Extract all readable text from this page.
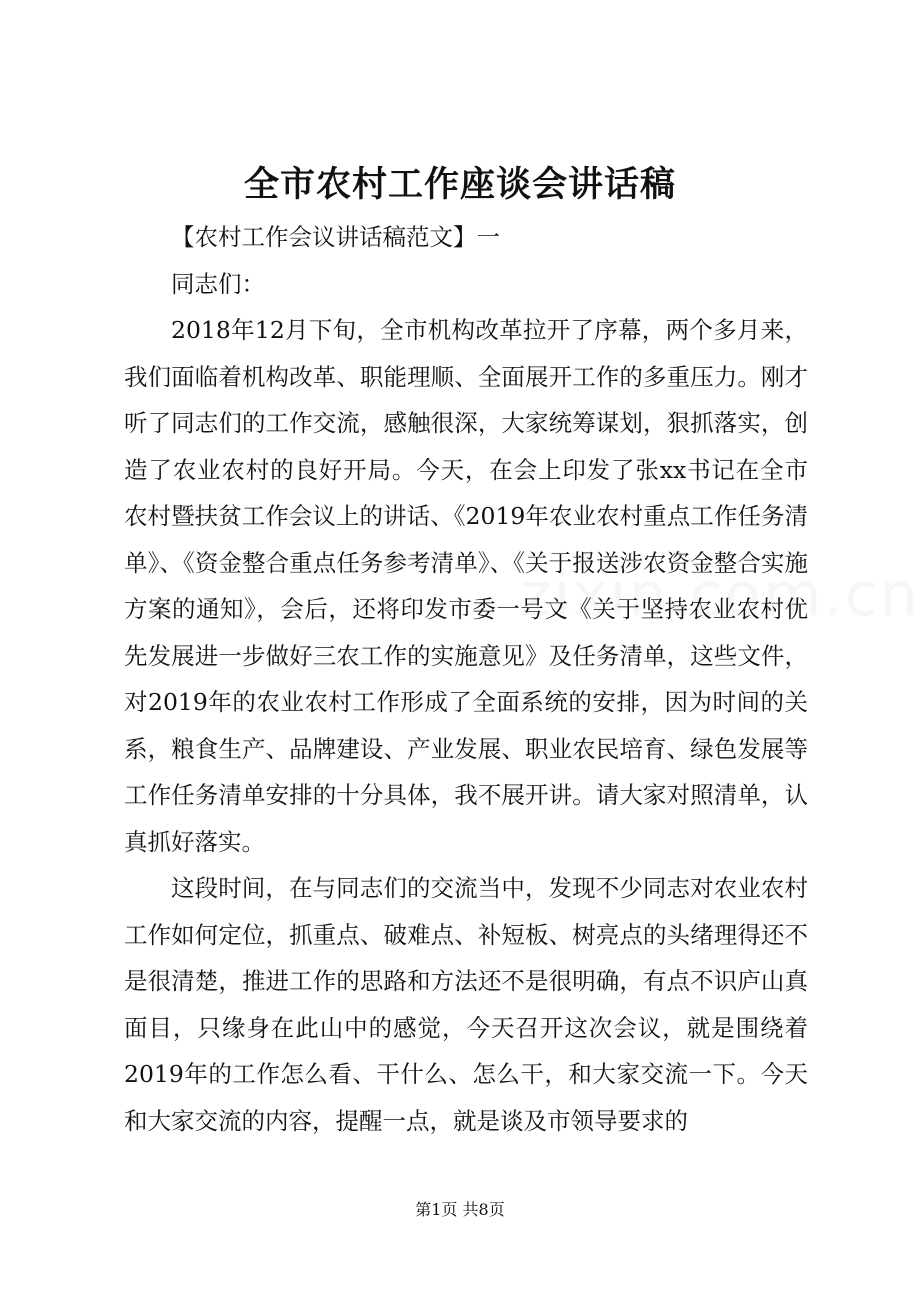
全市农村工作座谈会讲话稿

【农村工作会议讲话稿范文】一

同志们：

2018年12月下旬，全市机构改革拉开了序幕，两个多月来，我们面临着机构改革、职能理顺、全面展开工作的多重压力。刚才听了同志们的工作交流，感触很深，大家统筹谋划，狠抓落实，创造了农业农村的良好开局。今天，在会上印发了张xx书记在全市农村暨扶贫工作会议上的讲话、《2019年农业农村重点工作任务清单》、《资金整合重点任务参考清单》、《关于报送涉农资金整合实施方案的通知》，会后，还将印发市委一号文《关于坚持农业农村优先发展进一步做好三农工作的实施意见》及任务清单，这些文件，对2019年的农业农村工作形成了全面系统的安排，因为时间的关系，粮食生产、品牌建设、产业发展、职业农民培育、绿色发展等工作任务清单安排的十分具体，我不展开讲。请大家对照清单，认真抓好落实。

这段时间，在与同志们的交流当中，发现不少同志对农业农村工作如何定位，抓重点、破难点、补短板、树亮点的头绪理得还不是很清楚，推进工作的思路和方法还不是很明确，有点不识庐山真面目，只缘身在此山中的感觉，今天召开这次会议，就是围绕着2019年的工作怎么看、干什么、怎么干，和大家交流一下。今天和大家交流的内容，提醒一点，就是谈及市领导要求的

第1页 共8页
